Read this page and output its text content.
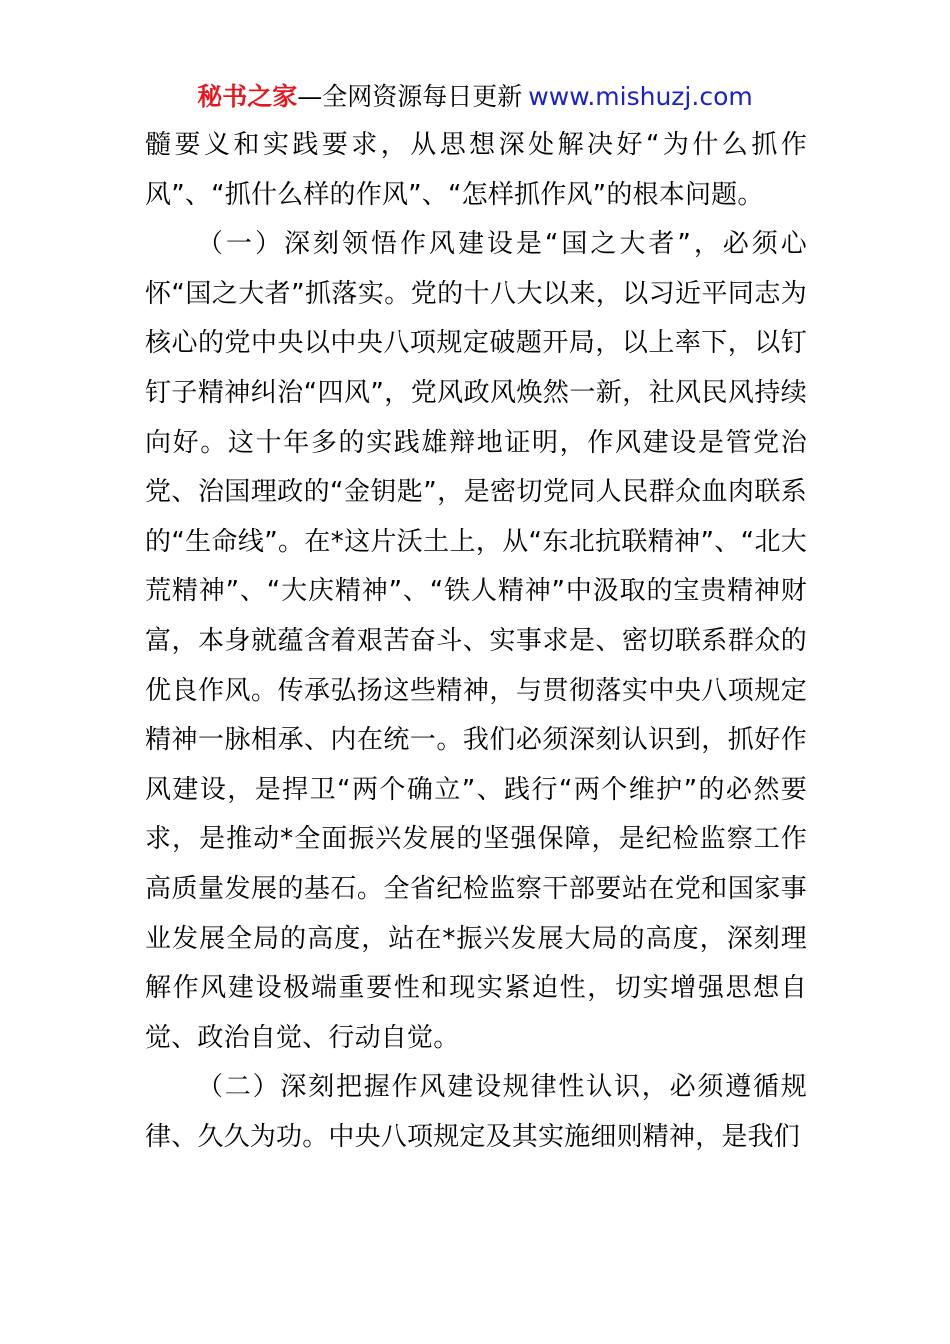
秘书之家—全网资源每日更新 www.mishuzj.com

髓要义和实践要求，从思想深处解决好“为什么抓作风”、“抓什么样的作风”、“怎样抓作风”的根本问题。

（一）深刻领悟作风建设是“国之大者”，必须心怀“国之大者”抓落实。党的十八大以来，以习近平同志为核心的党中央以中央八项规定破题开局，以上率下，以钉钉子精神纠治“四风”，党风政风焕然一新，社风民风持续向好。这十年多的实践雄辩地证明，作风建设是管党治党、治国理政的“金钥匙”，是密切党同人民群众血肉联系的“生命线”。在*这片沃土上，从“东北抗联精神”、“北大荒精神”、“大庆精神”、“铁人精神”中汲取的宝贵精神财富，本身就蕴含着艰苦奋斗、实事求是、密切联系群众的优良作风。传承弘扬这些精神，与贯彻落实中央八项规定精神一脉相承、内在统一。我们必须深刻认识到，抓好作风建设，是捍卫“两个确立”、践行“两个维护”的必然要求，是推动*全面振兴发展的坚强保障，是纪检监察工作高质量发展的基石。全省纪检监察干部要站在党和国家事业发展全局的高度，站在*振兴发展大局的高度，深刻理解作风建设极端重要性和现实紧迫性，切实增强思想自觉、政治自觉、行动自觉。

（二）深刻把握作风建设规律性认识，必须遵循规律、久久为功。中央八项规定及其实施细则精神，是我们
